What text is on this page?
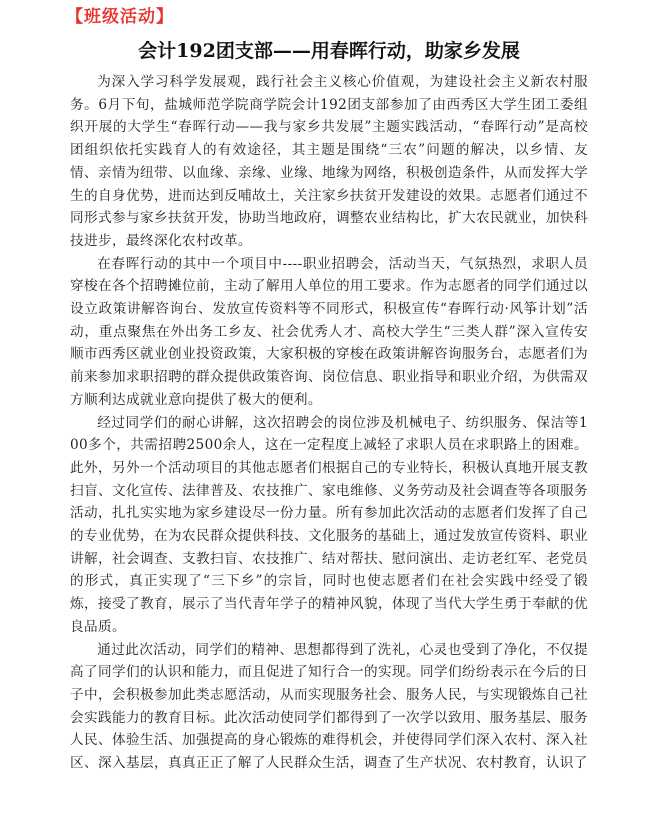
【班级活动】
会计192团支部——用春晖行动，助家乡发展

为深入学习科学发展观，践行社会主义核心价值观，为建设社会主义新农村服务。6月下旬，盐城师范学院商学院会计192团支部参加了由西秀区大学生团工委组织开展的大学生“春晖行动——我与家乡共发展”主题实践活动，“春晖行动”是高校团组织依托实践育人的有效途径，其主题是围绕“三农”问题的解决，以乡情、友情、亲情为纽带、以血缘、亲缘、业缘、地缘为网络，积极创造条件，从而发挥大学生的自身优势，进而达到反哺故土，关注家乡扶贫开发建设的效果。志愿者们通过不同形式参与家乡扶贫开发，协助当地政府，调整农业结构比，扩大农民就业，加快科技进步，最终深化农村改革。

在春晖行动的其中一个项目中----职业招聘会，活动当天，气氛热烈，求职人员穿梭在各个招聘摊位前，主动了解用人单位的用工要求。作为志愿者的同学们通过以设立政策讲解咨询台、发放宣传资料等不同形式，积极宣传“春晖行动·风筝计划”活动，重点聚焦在外出务工乡友、社会优秀人才、高校大学生“三类人群”深入宣传安顺市西秀区就业创业投资政策，大家积极的穿梭在政策讲解咨询服务台，志愿者们为前来参加求职招聘的群众提供政策咨询、岗位信息、职业指导和职业介绍，为供需双方顺利达成就业意向提供了极大的便利。

经过同学们的耐心讲解，这次招聘会的岗位涉及机械电子、纺织服务、保洁等100多个，共需招聘2500余人，这在一定程度上减轻了求职人员在求职路上的困难。此外，另外一个活动项目的其他志愿者们根据自己的专业特长，积极认真地开展支教扫盲、文化宣传、法律普及、农技推广、家电维修、义务劳动及社会调查等各项服务活动，扎扎实实地为家乡建设尽一份力量。所有参加此次活动的志愿者们发挥了自己的专业优势，在为农民群众提供科技、文化服务的基础上，通过发放宣传资料、职业讲解，社会调查、支教扫盲、农技推广、结对帮扶、慰问演出、走访老红军、老党员的形式，真正实现了“三下乡”的宗旨，同时也使志愿者们在社会实践中经受了锻炼，接受了教育，展示了当代青年学子的精神风貌，体现了当代大学生勇于奉献的优良品质。

通过此次活动，同学们的精神、思想都得到了洗礼，心灵也受到了净化，不仅提高了同学们的认识和能力，而且促进了知行合一的实现。同学们纷纷表示在今后的日子中，会积极参加此类志愿活动，从而实现服务社会、服务人民，与实现锻炼自己社会实践能力的教育目标。此次活动使同学们都得到了一次学以致用、服务基层、服务人民、体验生活、加强提高的身心锻炼的难得机会，并使得同学们深入农村、深入社区、深入基层，真真正正了解了人民群众生活，调查了生产状况、农村教育，认识了
